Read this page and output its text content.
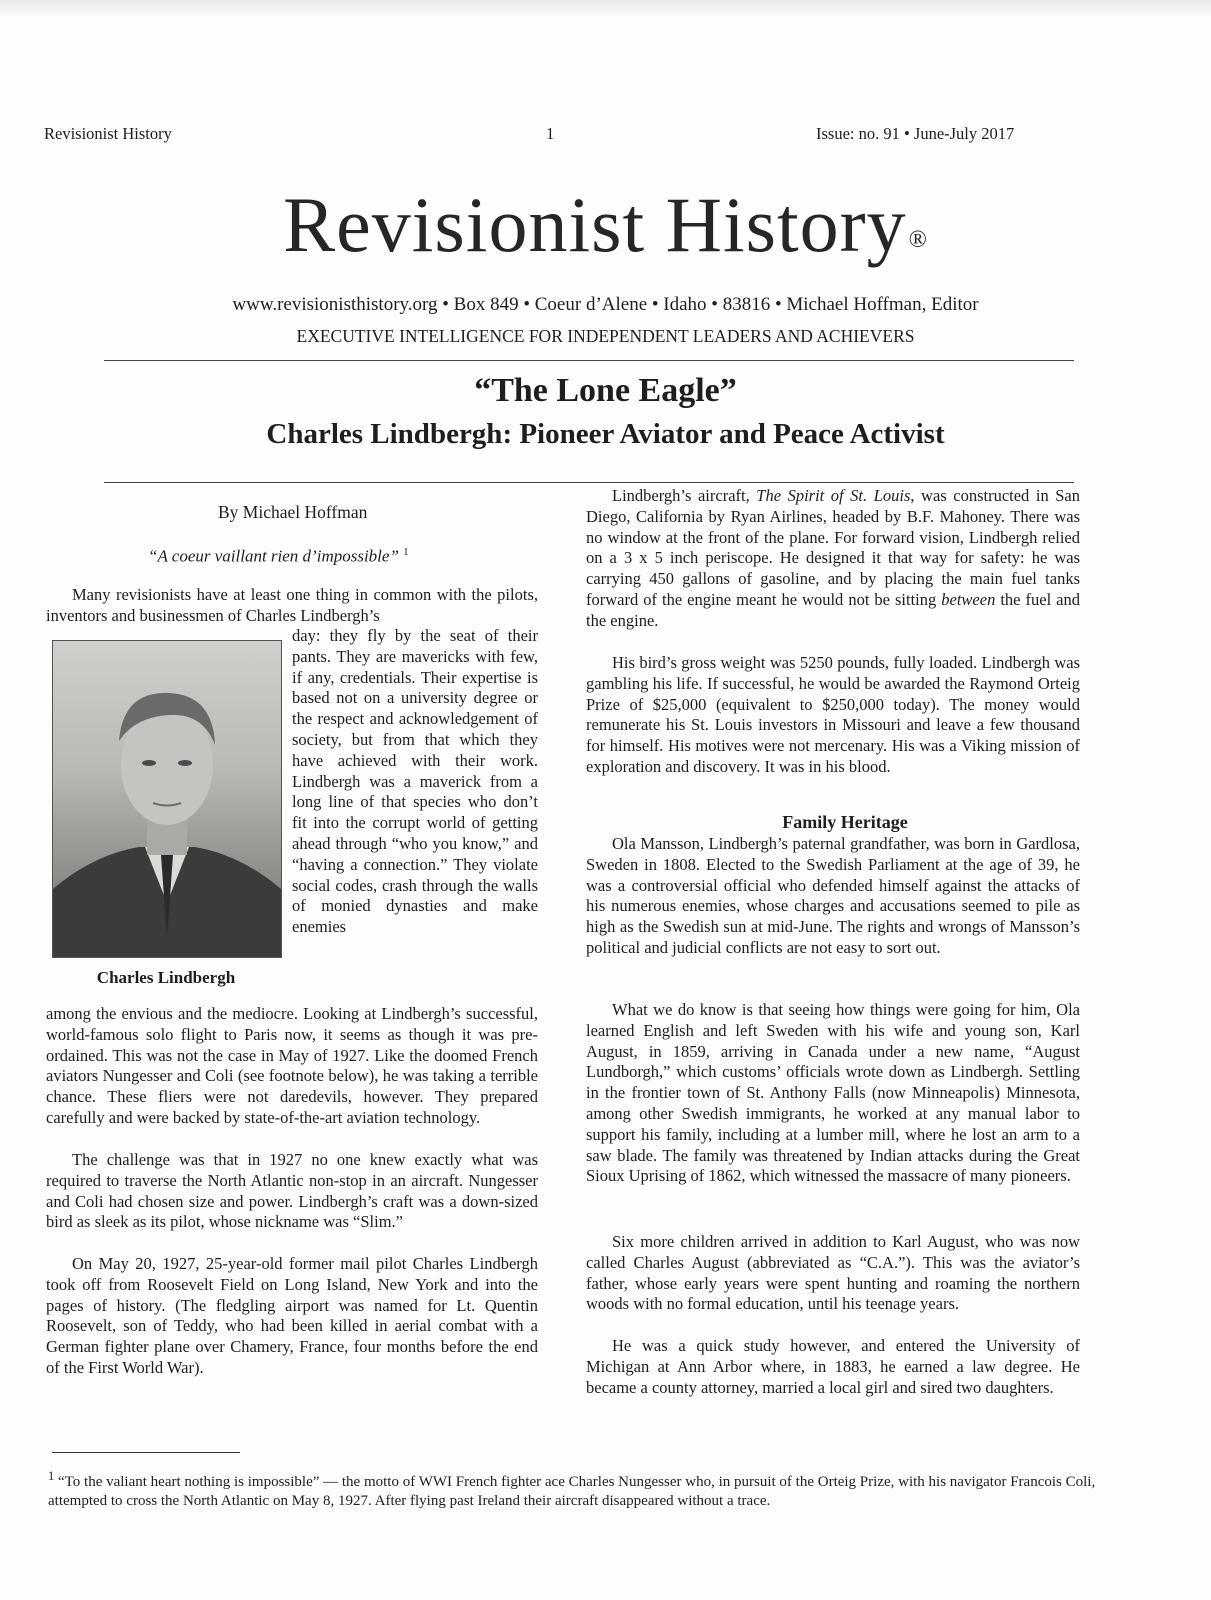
Revisionist History	1	Issue: no. 91 • June-July 2017
Revisionist History®
www.revisionisthistory.org • Box 849 • Coeur d’Alene • Idaho • 83816 • Michael Hoffman, Editor
EXECUTIVE INTELLIGENCE FOR INDEPENDENT LEADERS AND ACHIEVERS
“The Lone Eagle”
Charles Lindbergh: Pioneer Aviator and Peace Activist
By Michael Hoffman
“A coeur vaillant rien d’impossible” $^1$

Many revisionists have at least one thing in common with the pilots, inventors and businessmen of Charles Lindbergh’s

day: they fly by the seat of their pants. They are mavericks with few, if any, credentials. Their expertise is based not on a university degree or the respect and acknowledgement of society, but from that which they have achieved with their work. Lindbergh was a maverick from a long line of that species who don’t fit into the corrupt world of getting ahead through “who you know,” and “having a connection.” They violate social codes, crash through the walls of monied dynasties and make enemies

Charles Lindbergh

among the envious and the mediocre. Looking at Lindbergh’s successful, world-famous solo flight to Paris now, it seems as though it was pre-ordained. This was not the case in May of 1927. Like the doomed French aviators Nungesser and Coli (see footnote below), he was taking a terrible chance. These fliers were not daredevils, however. They prepared carefully and were backed by state-of-the-art aviation technology.

The challenge was that in 1927 no one knew exactly what was required to traverse the North Atlantic non-stop in an aircraft. Nungesser and Coli had chosen size and power. Lindbergh’s craft was a down-sized bird as sleek as its pilot, whose nickname was “Slim.”

On May 20, 1927, 25-year-old former mail pilot Charles Lindbergh took off from Roosevelt Field on Long Island, New York and into the pages of history. (The fledgling airport was named for Lt. Quentin Roosevelt, son of Teddy, who had been killed in aerial combat with a German fighter plane over Chamery, France, four months before the end of the First World War).

Lindbergh’s aircraft, The Spirit of St. Louis, was constructed in San Diego, California by Ryan Airlines, headed by B.F. Mahoney. There was no window at the front of the plane. For forward vision, Lindbergh relied on a 3 x 5 inch periscope. He designed it that way for safety: he was carrying 450 gallons of gasoline, and by placing the main fuel tanks forward of the engine meant he would not be sitting between the fuel and the engine.

His bird’s gross weight was 5250 pounds, fully loaded. Lindbergh was gambling his life. If successful, he would be awarded the Raymond Orteig Prize of $25,000 (equivalent to $250,000 today). The money would remunerate his St. Louis investors in Missouri and leave a few thousand for himself. His motives were not mercenary. His was a Viking mission of exploration and discovery. It was in his blood.

Family Heritage

Ola Mansson, Lindbergh’s paternal grandfather, was born in Gardlosa, Sweden in 1808. Elected to the Swedish Parliament at the age of 39, he was a controversial official who defended himself against the attacks of his numerous enemies, whose charges and accusations seemed to pile as high as the Swedish sun at mid-June. The rights and wrongs of Mansson’s political and judicial conflicts are not easy to sort out.

What we do know is that seeing how things were going for him, Ola learned English and left Sweden with his wife and young son, Karl August, in 1859, arriving in Canada under a new name, “August Lundborgh,” which customs’ officials wrote down as Lindbergh. Settling in the frontier town of St. Anthony Falls (now Minneapolis) Minnesota, among other Swedish immigrants, he worked at any manual labor to support his family, including at a lumber mill, where he lost an arm to a saw blade. The family was threatened by Indian attacks during the Great Sioux Uprising of 1862, which witnessed the massacre of many pioneers.

Six more children arrived in addition to Karl August, who was now called Charles August (abbreviated as “C.A.”). This was the aviator’s father, whose early years were spent hunting and roaming the northern woods with no formal education, until his teenage years.

He was a quick study however, and entered the University of Michigan at Ann Arbor where, in 1883, he earned a law degree. He became a county attorney, married a local girl and sired two daughters.

$^1$ “To the valiant heart nothing is impossible” — the motto of WWI French fighter ace Charles Nungesser who, in pursuit of the Orteig Prize, with his navigator Francois Coli, attempted to cross the North Atlantic on May 8, 1927. After flying past Ireland their aircraft disappeared without a trace.
